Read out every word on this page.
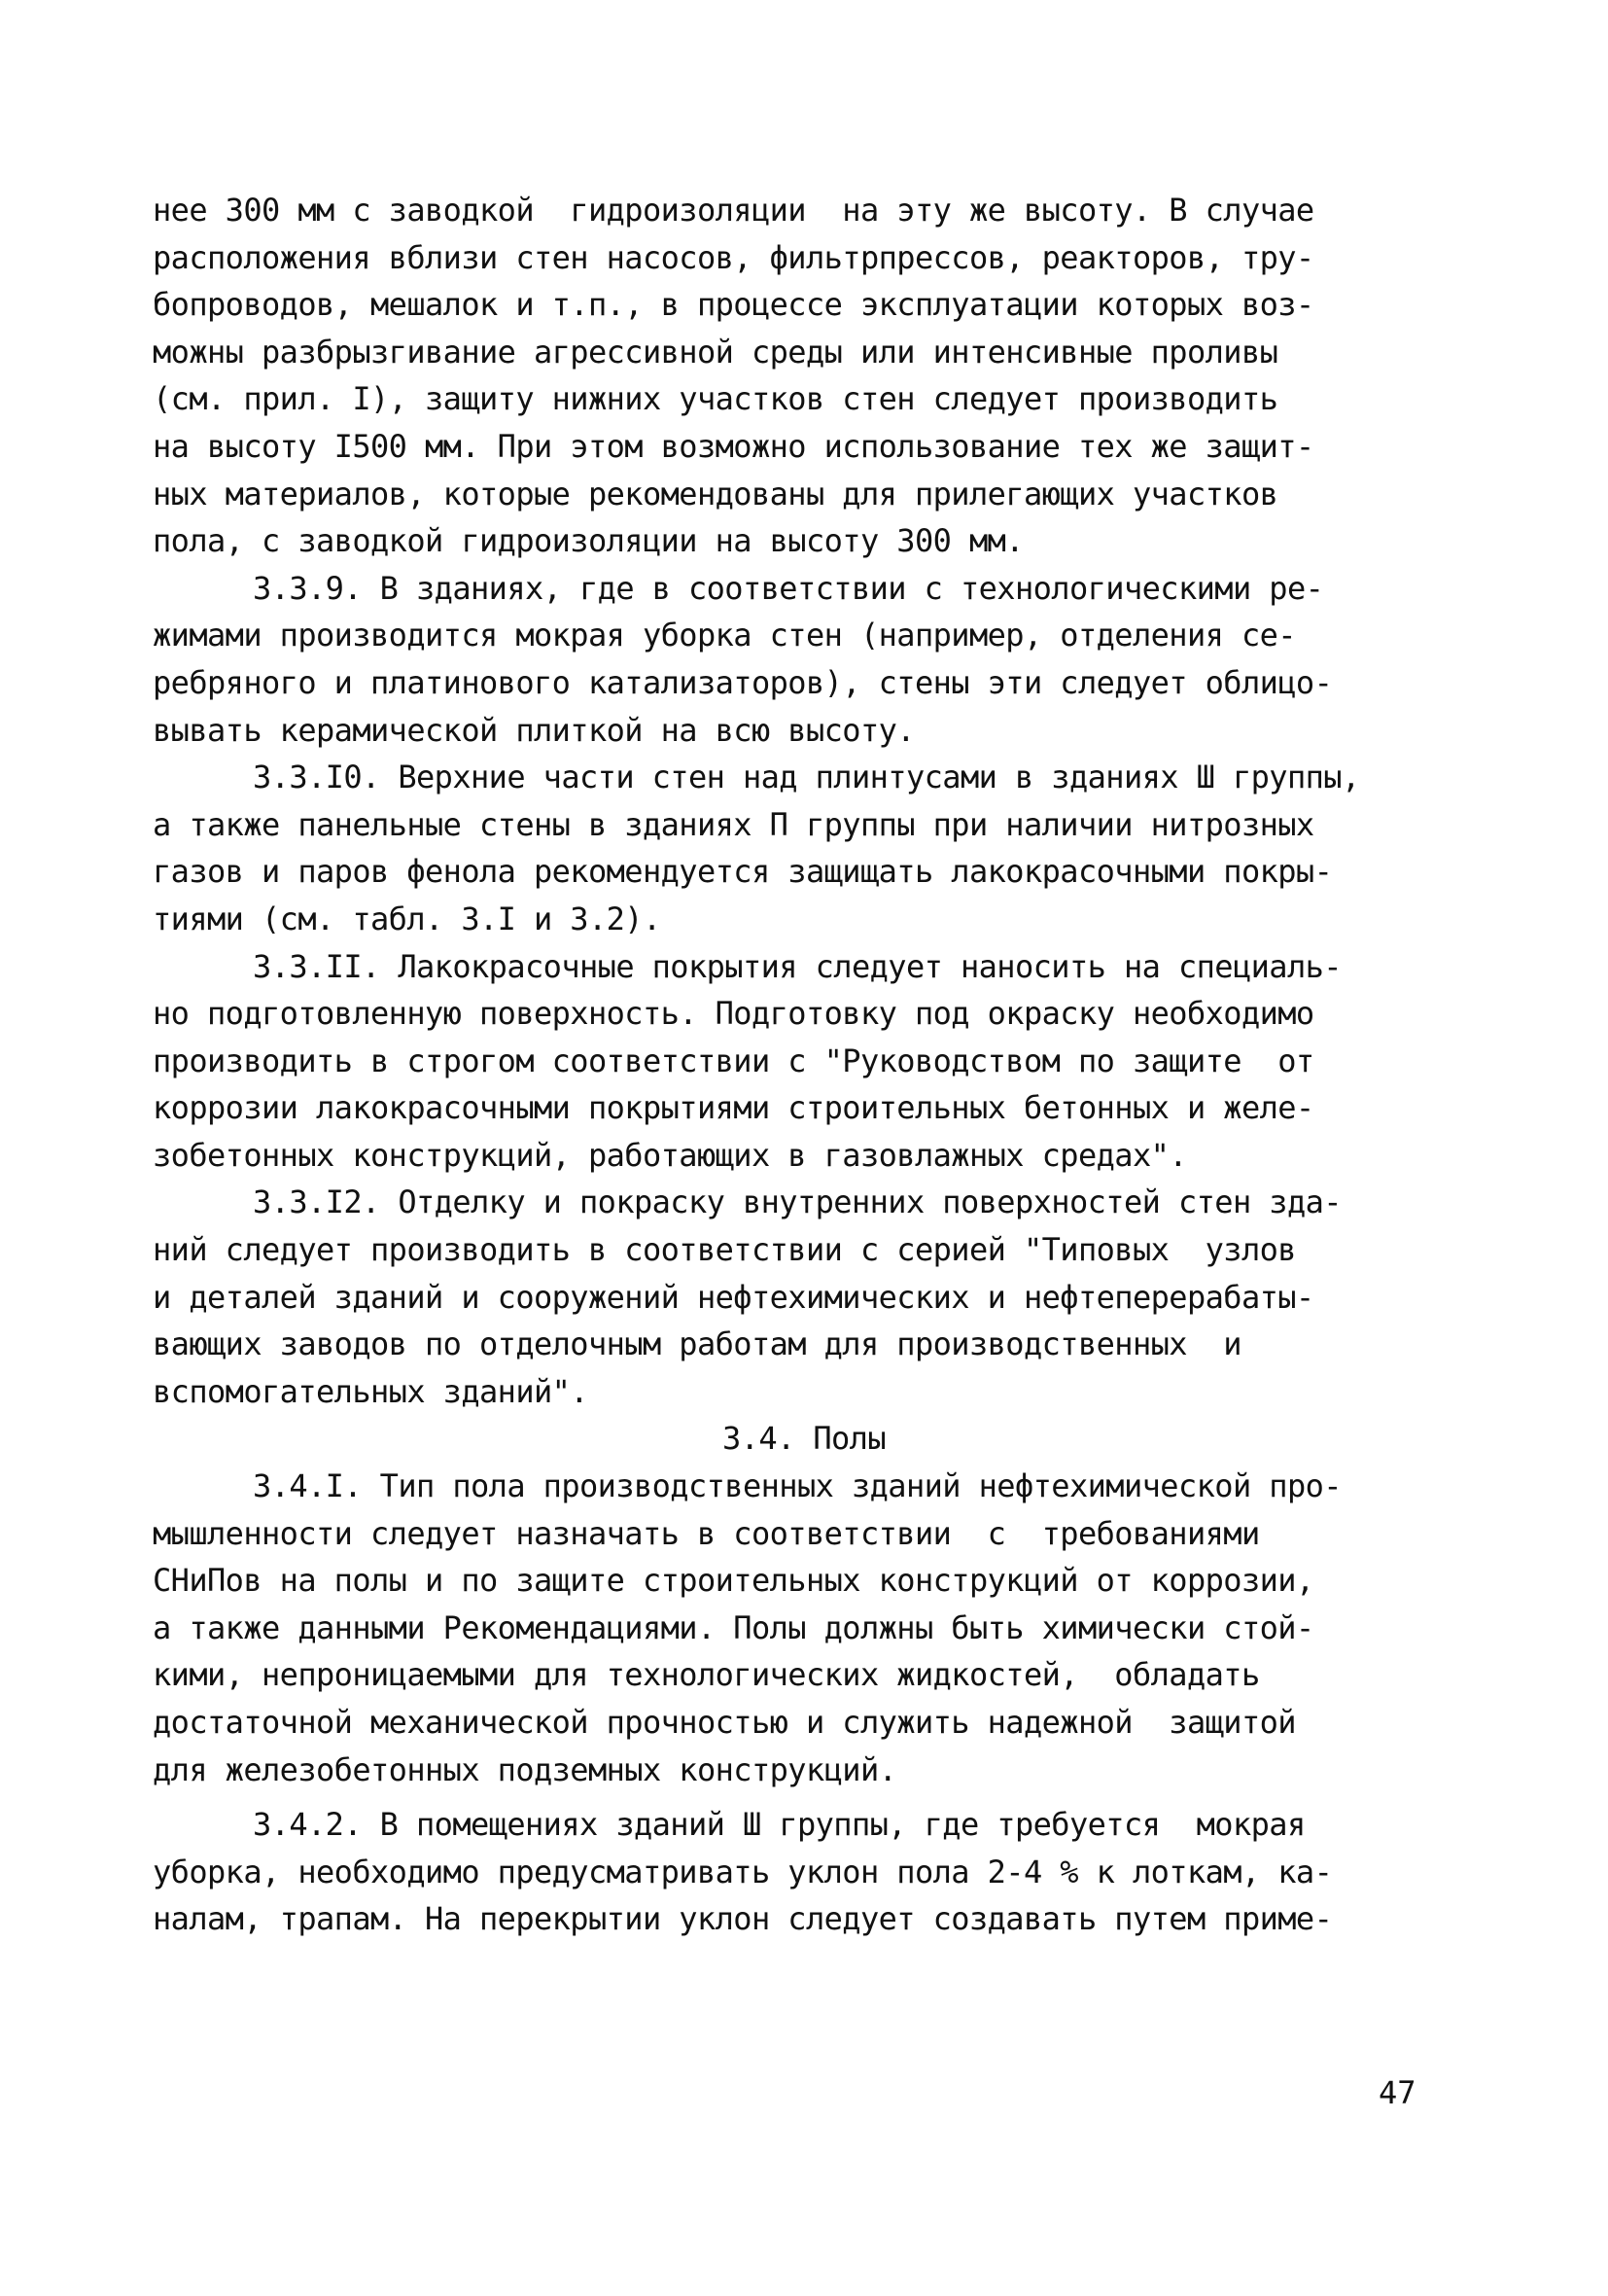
нее 300 мм с заводкой  гидроизоляции  на эту же высоту. В случае
расположения вблизи стен насосов, фильтрпрессов, реакторов, тру-
бопроводов, мешалок и т.п., в процессе эксплуатации которых воз-
можны разбрызгивание агрессивной среды или интенсивные проливы
(см. прил. I), защиту нижних участков стен следует производить
на высоту I500 мм. При этом возможно использование тех же защит-
ных материалов, которые рекомендованы для прилегающих участков
пола, с заводкой гидроизоляции на высоту 300 мм.
3.3.9. В зданиях, где в соответствии с технологическими ре-
жимами производится мокрая уборка стен (например, отделения се-
ребряного и платинового катализаторов), стены эти следует облицо-
вывать керамической плиткой на всю высоту.
3.3.I0. Верхние части стен над плинтусами в зданиях Ш группы,
а также панельные стены в зданиях П группы при наличии нитрозных
газов и паров фенола рекомендуется защищать лакокрасочными покры-
тиями (см. табл. 3.I и 3.2).
3.3.II. Лакокрасочные покрытия следует наносить на специаль-
но подготовленную поверхность. Подготовку под окраску необходимо
производить в строгом соответствии с "Руководством по защите  от
коррозии лакокрасочными покрытиями строительных бетонных и желе-
зобетонных конструкций, работающих в газовлажных средах".
3.3.I2. Отделку и покраску внутренних поверхностей стен зда-
ний следует производить в соответствии с серией "Типовых  узлов
и деталей зданий и сооружений нефтехимических и нефтеперерабаты-
вающих заводов по отделочным работам для производственных  и
вспомогательных зданий".
3.4. Полы
3.4.I. Тип пола производственных зданий нефтехимической про-
мышленности следует назначать в соответствии  с  требованиями
СНиПов на полы и по защите строительных конструкций от коррозии,
а также данными Рекомендациями. Полы должны быть химически стой-
кими, непроницаемыми для технологических жидкостей,  обладать
достаточной механической прочностью и служить надежной  защитой
для железобетонных подземных конструкций.
3.4.2. В помещениях зданий Ш группы, где требуется  мокрая
уборка, необходимо предусматривать уклон пола 2-4 % к лоткам, ка-
налам, трапам. На перекрытии уклон следует создавать путем приме-
47
